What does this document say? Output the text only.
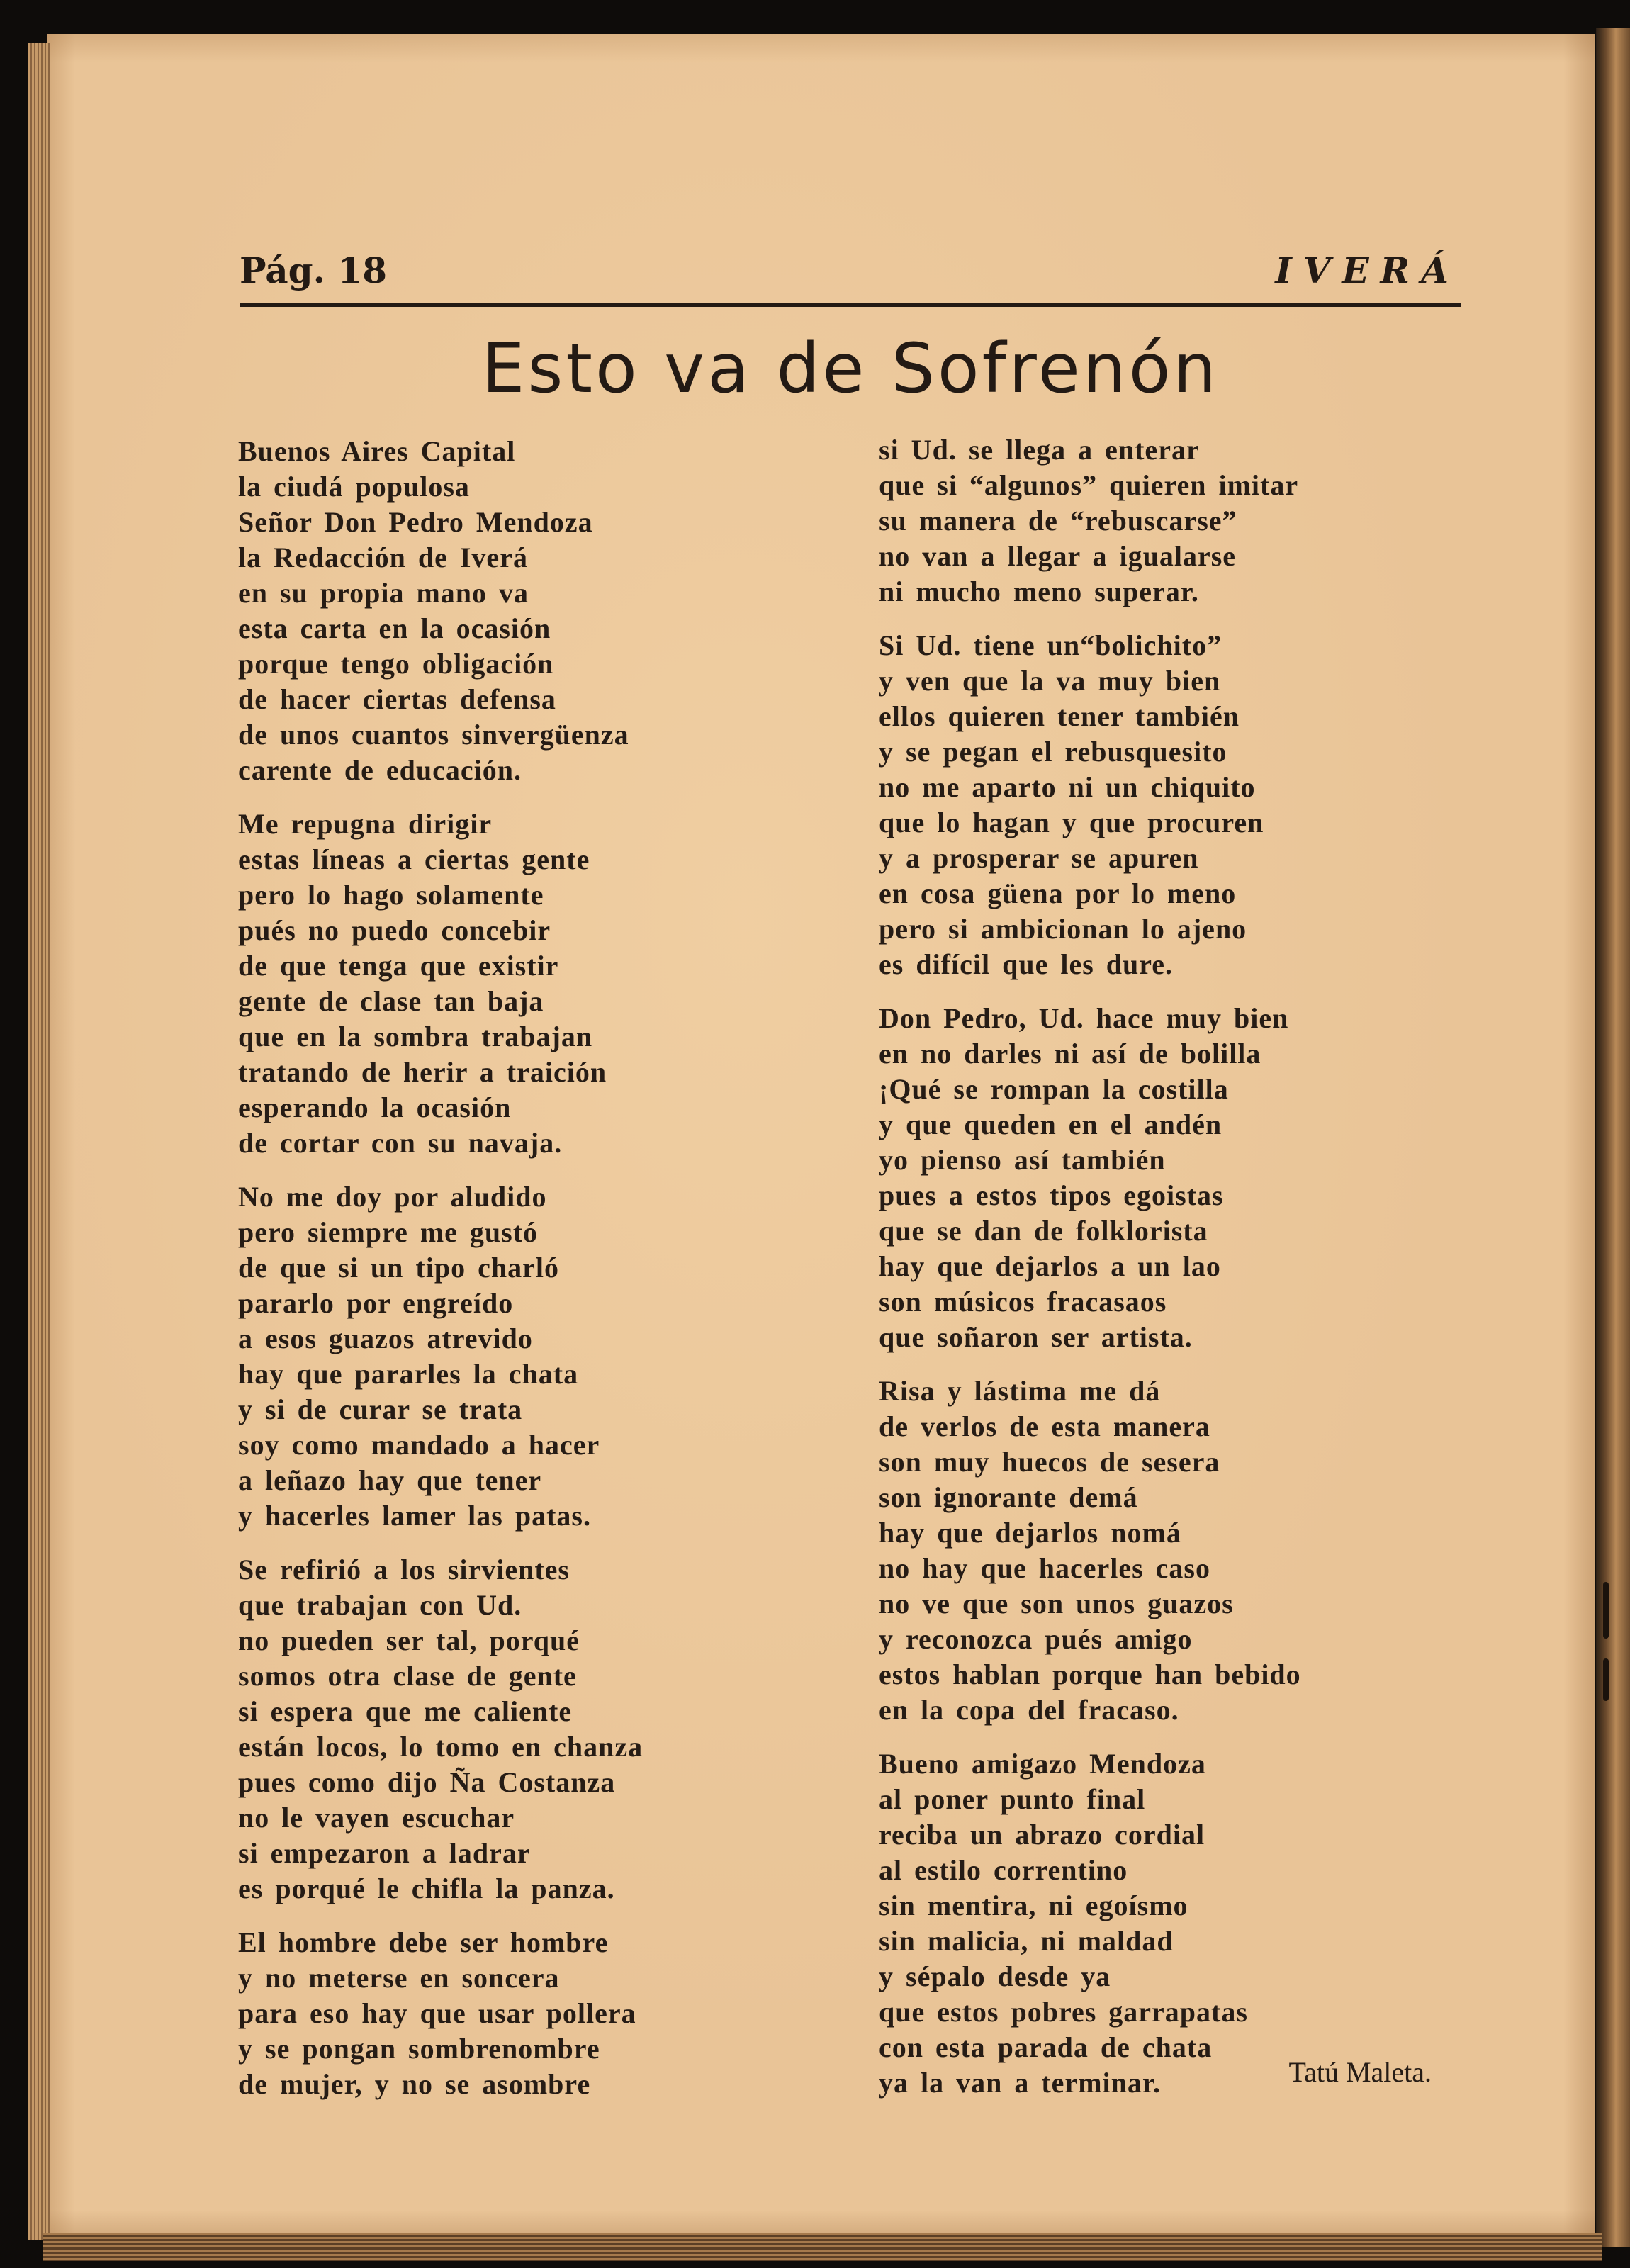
Pág. 18	IVERÁ
Esto va de Sofrenón
Buenos Aires Capital
la ciudá populosa
Señor Don Pedro Mendoza
la Redacción de Iverá
en su propia mano va
esta carta en la ocasión
porque tengo obligación
de hacer ciertas defensa
de unos cuantos sinvergüenza
carente de educación.
Me repugna dirigir
estas líneas a ciertas gente
pero lo hago solamente
pués no puedo concebir
de que tenga que existir
gente de clase tan baja
que en la sombra trabajan
tratando de herir a traición
esperando la ocasión
de cortar con su navaja.
No me doy por aludido
pero siempre me gustó
de que si un tipo charló
pararlo por engreído
a esos guazos atrevido
hay que pararles la chata
y si de curar se trata
soy como mandado a hacer
a leñazo hay que tener
y hacerles lamer las patas.
Se refirió a los sirvientes
que trabajan con Ud.
no pueden ser tal, porqué
somos otra clase de gente
si espera que me caliente
están locos, lo tomo en chanza
pues como dijo Ña Costanza
no le vayen escuchar
si empezaron a ladrar
es porqué le chifla la panza.
El hombre debe ser hombre
y no meterse en soncera
para eso hay que usar pollera
y se pongan sombrenombre
de mujer, y no se asombre
si Ud. se llega a enterar
que si “algunos” quieren imitar
su manera de “rebuscarse”
no van a llegar a igualarse
ni mucho meno superar.
Si Ud. tiene un“bolichito”
y ven que la va muy bien
ellos quieren tener también
y se pegan el rebusquesito
no me aparto ni un chiquito
que lo hagan y que procuren
y a prosperar se apuren
en cosa güena por lo meno
pero si ambicionan lo ajeno
es difícil que les dure.
Don Pedro, Ud. hace muy bien
en no darles ni así de bolilla
¡Qué se rompan la costilla
y que queden en el andén
yo pienso así también
pues a estos tipos egoistas
que se dan de folklorista
hay que dejarlos a un lao
son músicos fracasaos
que soñaron ser artista.
Risa y lástima me dá
de verlos de esta manera
son muy huecos de sesera
son ignorante demá
hay que dejarlos nomá
no hay que hacerles caso
no ve que son unos guazos
y reconozca pués amigo
estos hablan porque han bebido
en la copa del fracaso.
Bueno amigazo Mendoza
al poner punto final
reciba un abrazo cordial
al estilo correntino
sin mentira, ni egoísmo
sin malicia, ni maldad
y sépalo desde ya
que estos pobres garrapatas
con esta parada de chata
ya la van a terminar.	Tatú Maleta.
